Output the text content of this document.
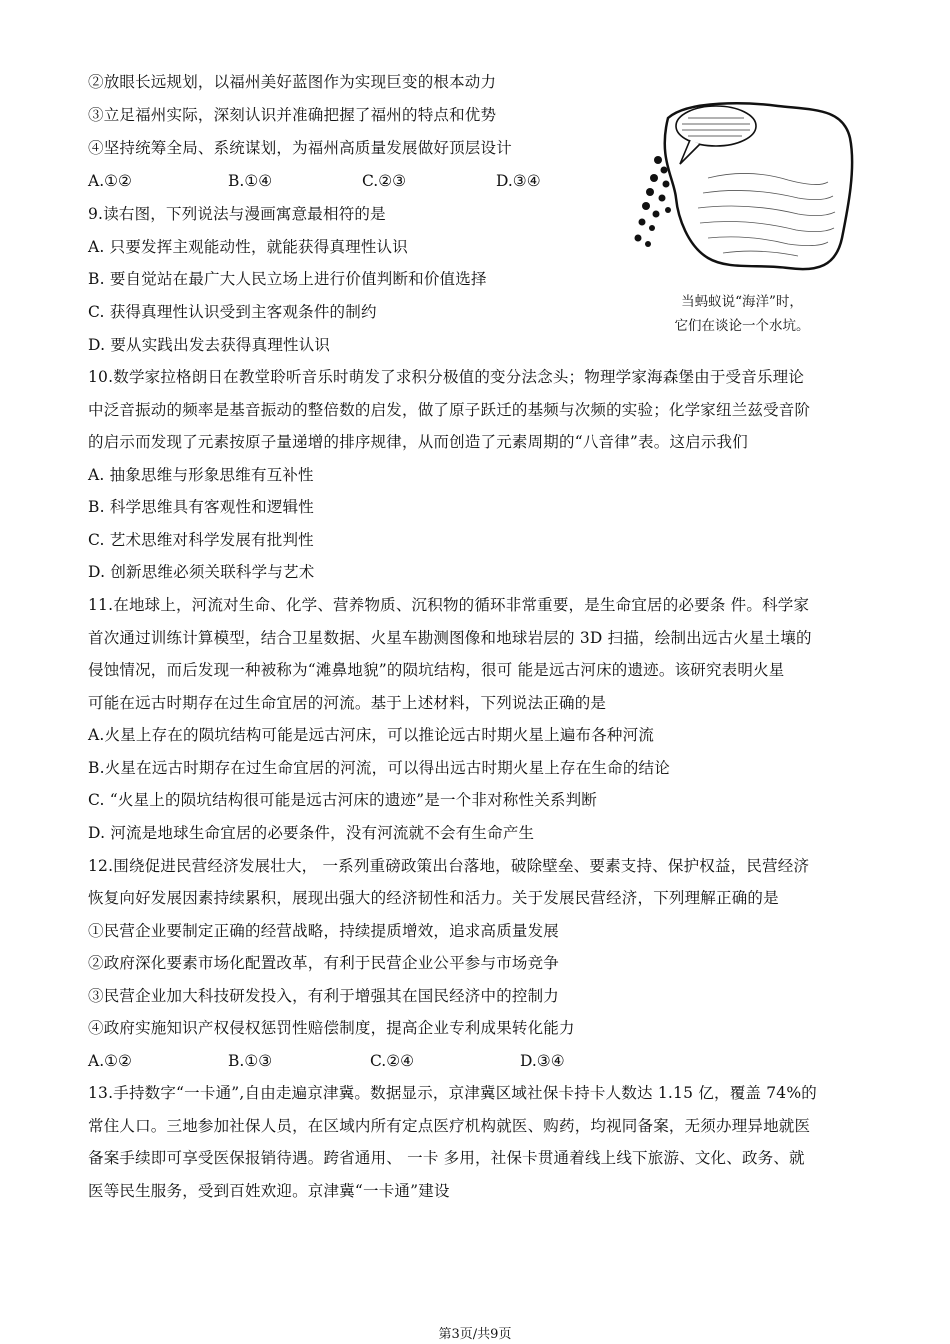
②放眼长远规划，以福州美好蓝图作为实现巨变的根本动力
③立足福州实际，深刻认识并准确把握了福州的特点和优势
④坚持统筹全局、系统谋划，为福州高质量发展做好顶层设计
A.①②	B.①④	C.②③	D.③④
9.读右图，下列说法与漫画寓意最相符的是
A. 只要发挥主观能动性，就能获得真理性认识
B. 要自觉站在最广大人民立场上进行价值判断和价值选择
C. 获得真理性认识受到主客观条件的制约
D. 要从实践出发去获得真理性认识
当蚂蚁说“海洋”时，
它们在谈论一个水坑。
10.数学家拉格朗日在教堂聆听音乐时萌发了求积分极值的变分法念头；物理学家海森堡由于受音乐理论
中泛音振动的频率是基音振动的整倍数的启发，做了原子跃迁的基频与次频的实验；化学家纽兰兹受音阶
的启示而发现了元素按原子量递增的排序规律，从而创造了元素周期的“八音律”表。这启示我们
A. 抽象思维与形象思维有互补性
B. 科学思维具有客观性和逻辑性
C. 艺术思维对科学发展有批判性
D. 创新思维必须关联科学与艺术
11.在地球上，河流对生命、化学、营养物质、沉积物的循环非常重要，是生命宜居的必要条 件。科学家
首次通过训练计算模型，结合卫星数据、火星车勘测图像和地球岩层的 3D 扫描，绘制出远古火星土壤的
侵蚀情况，而后发现一种被称为“滩鼻地貌”的陨坑结构，很可 能是远古河床的遗迹。该研究表明火星
可能在远古时期存在过生命宜居的河流。基于上述材料，下列说法正确的是
A.火星上存在的陨坑结构可能是远古河床，可以推论远古时期火星上遍布各种河流
B.火星在远古时期存在过生命宜居的河流，可以得出远古时期火星上存在生命的结论
C. “火星上的陨坑结构很可能是远古河床的遗迹”是一个非对称性关系判断
D. 河流是地球生命宜居的必要条件，没有河流就不会有生命产生
12.围绕促进民营经济发展壮大， 一系列重磅政策出台落地，破除壁垒、要素支持、保护权益，民营经济
恢复向好发展因素持续累积，展现出强大的经济韧性和活力。关于发展民营经济，下列理解正确的是
①民营企业要制定正确的经营战略，持续提质增效，追求高质量发展
②政府深化要素市场化配置改革，有利于民营企业公平参与市场竞争
③民营企业加大科技研发投入，有利于增强其在国民经济中的控制力
④政府实施知识产权侵权惩罚性赔偿制度，提高企业专利成果转化能力
A.①②	B.①③	C.②④	D.③④
13.手持数字“一卡通”,自由走遍京津冀。数据显示，京津冀区域社保卡持卡人数达 1.15 亿，覆盖 74%的
常住人口。三地参加社保人员，在区域内所有定点医疗机构就医、购药，均视同备案，无须办理异地就医
备案手续即可享受医保报销待遇。跨省通用、 一卡 多用，社保卡贯通着线上线下旅游、文化、政务、就
医等民生服务，受到百姓欢迎。京津冀“一卡通”建设
第3页/共9页
